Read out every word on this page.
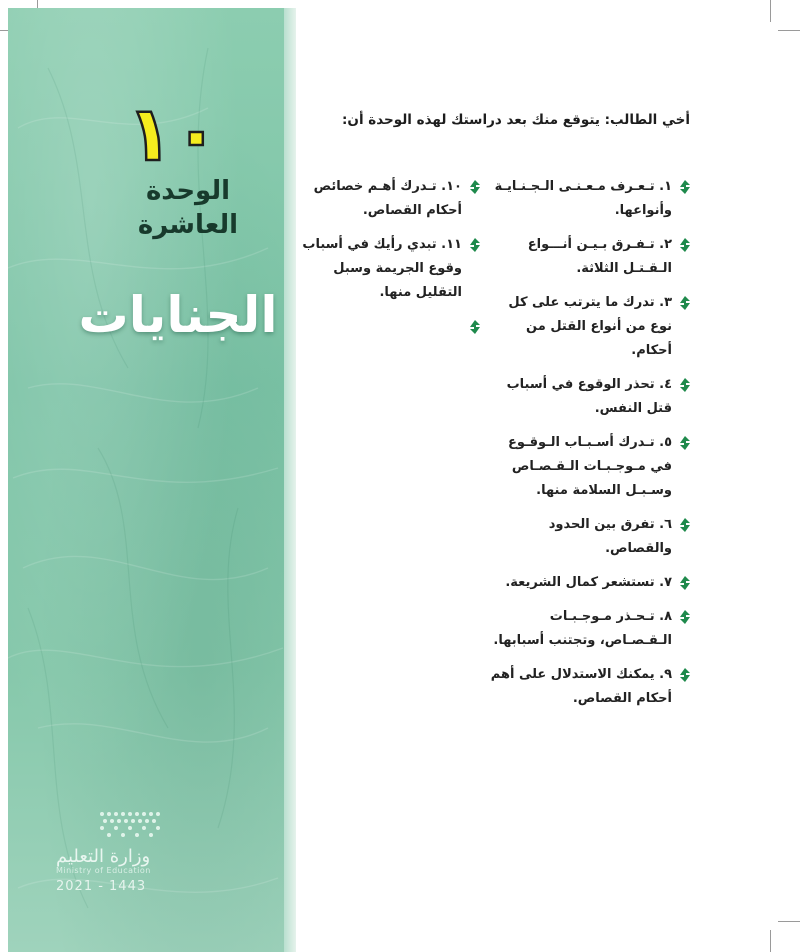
١٠
الوحدة
العاشرة
الجنايات
وزارة التعليم
Ministry of Education
2021 - 1443
أخي الطالب: يتوقع منك بعد دراستك لهذه الوحدة أن:
١. تـعـرف مـعـنـى الـجـنـايـة وأنواعها.
٢. تـفـرق بـيـن أنـــواع الـقـتـل الثلاثة.
٣. تدرك ما يترتب على كل نوع من أنواع القتل من أحكام.
٤. تحذر الوقوع في أسباب قتل النفس.
٥. تـدرك أسـبـاب الـوقـوع في مـوجـبـات الـقـصـاص وسـبـل السلامة منها.
٦. تفرق بين الحدود والقصاص.
٧. تستشعر كمال الشريعة.
٨. تـحـذر مـوجـبـات الـقـصـاص، وتجتنب أسبابها.
٩. يمكنك الاستدلال على أهم أحكام القصاص.
١٠. تـدرك أهـم خصائص أحكام القصاص.
١١. تبدي رأيك في أسباب وقوع الجريمة وسبل التقليل منها.
